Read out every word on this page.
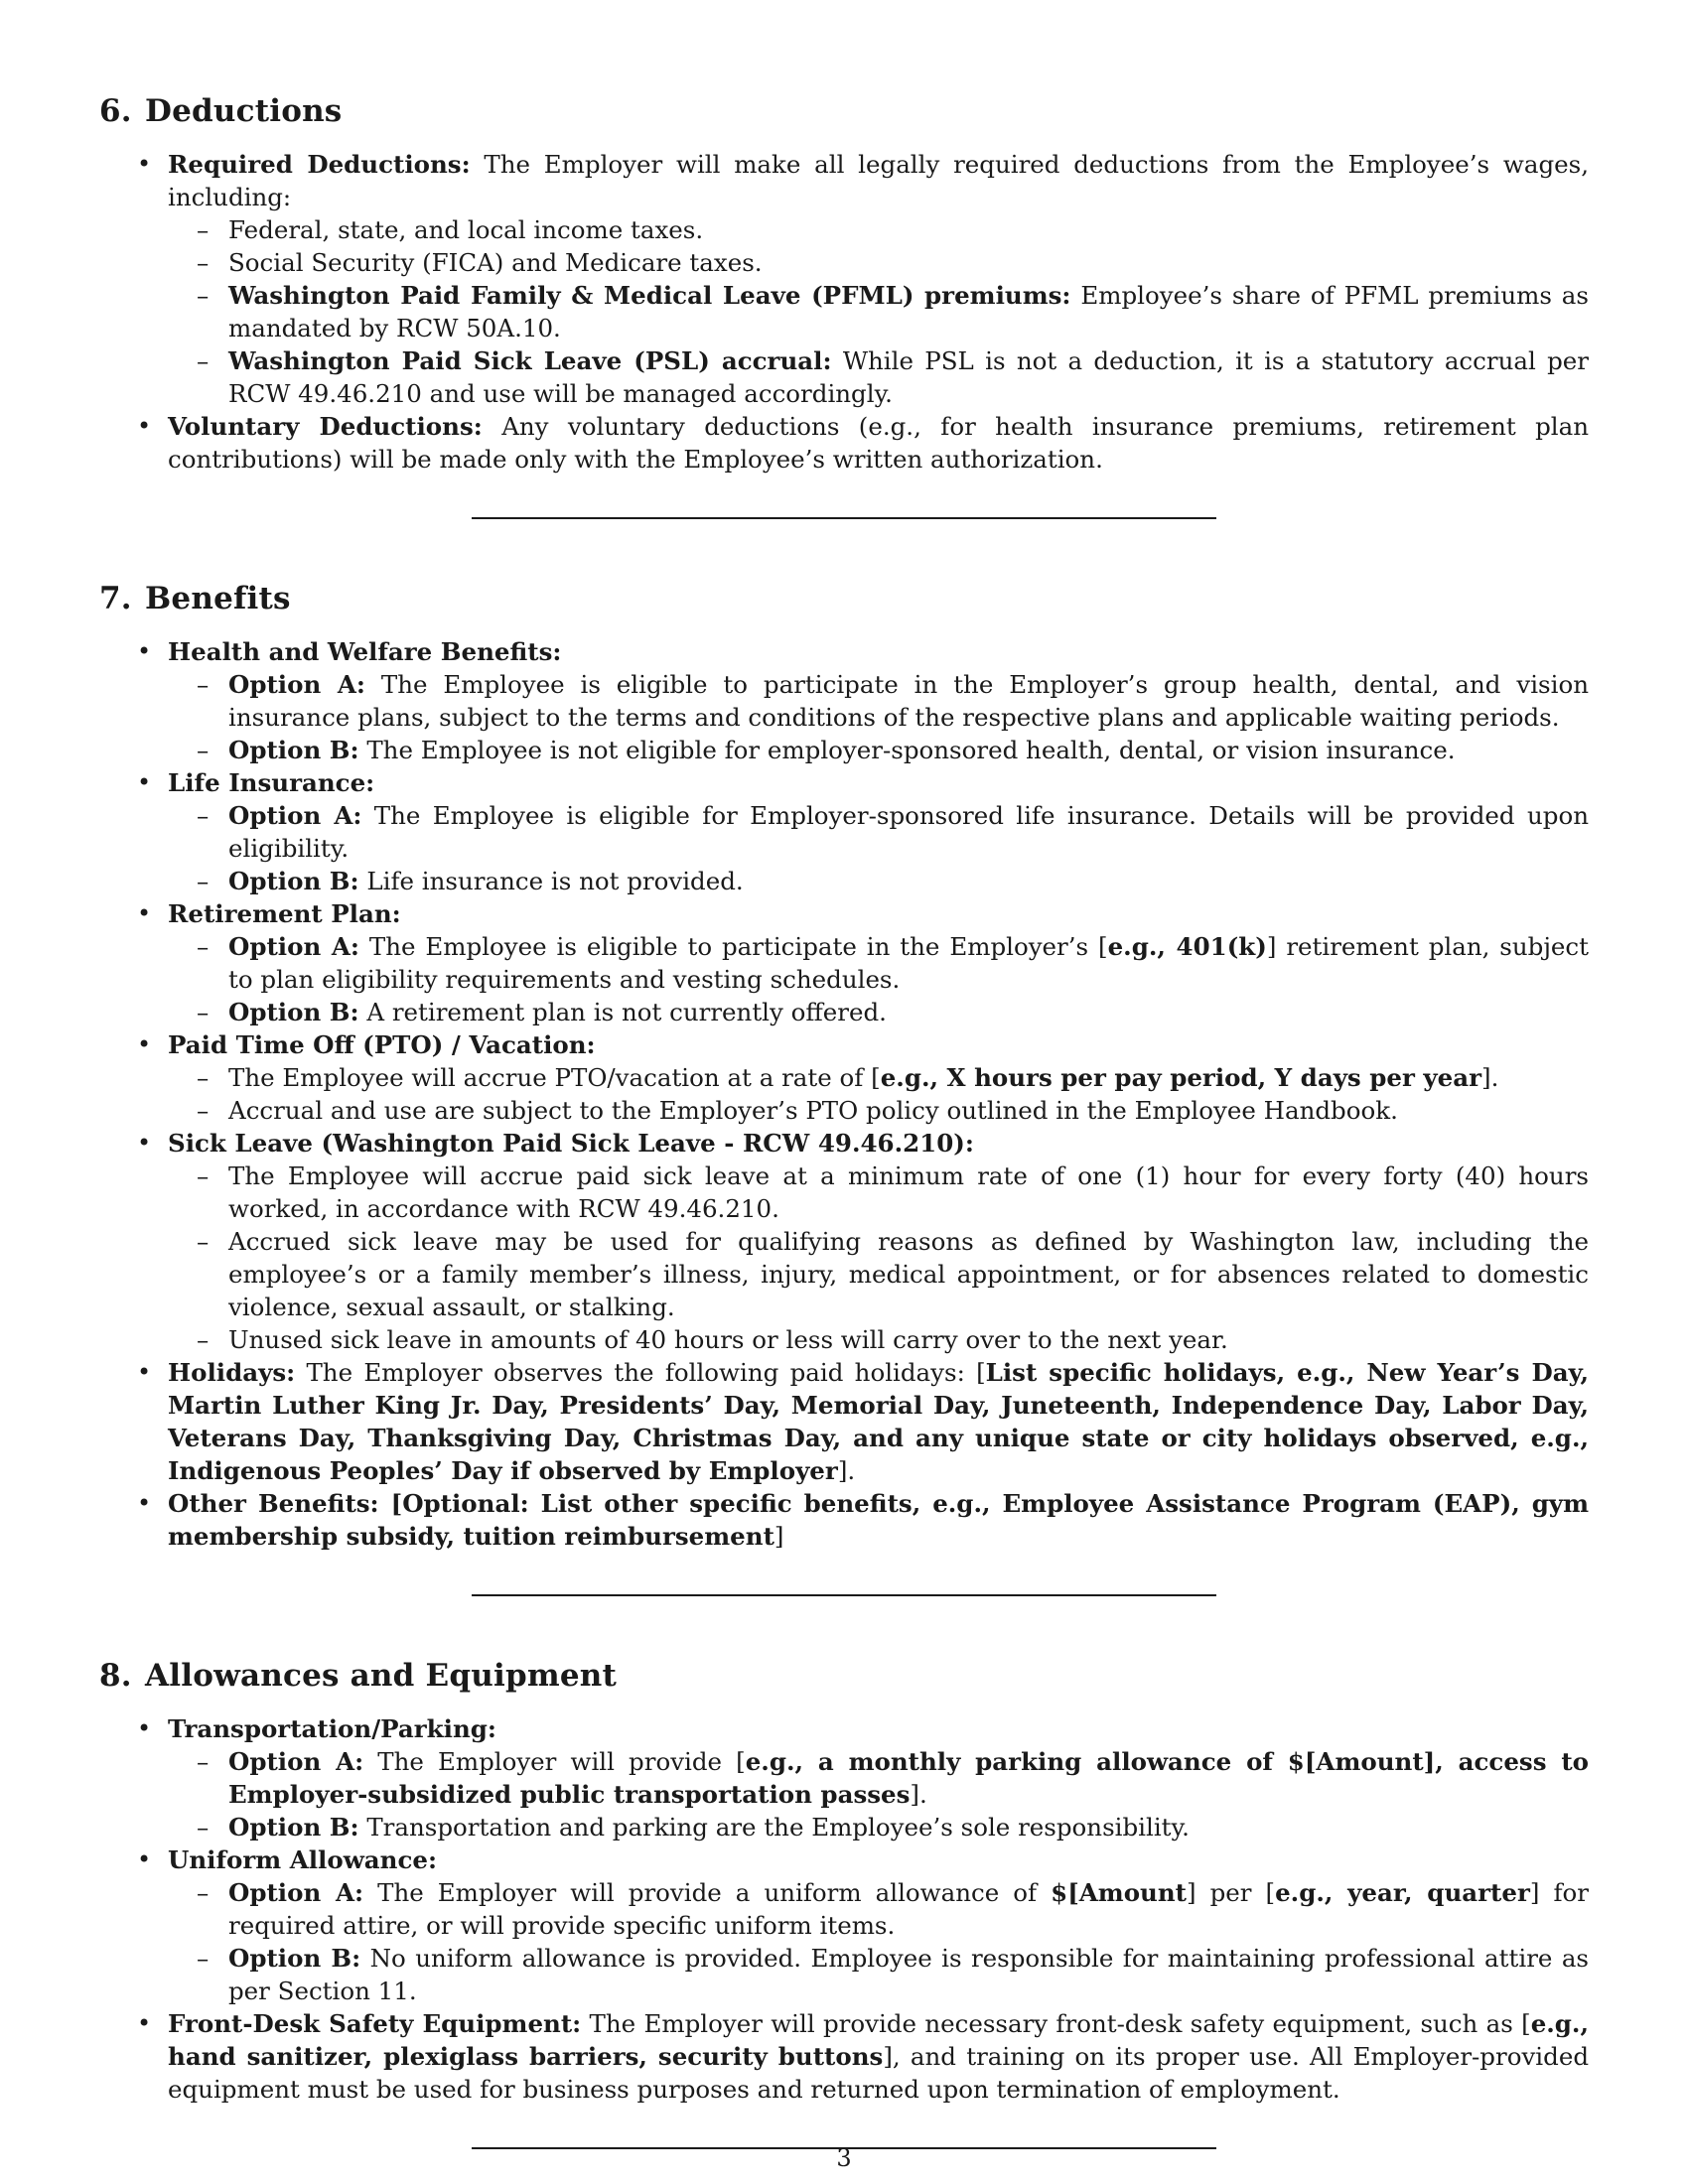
6. Deductions
• Required Deductions: The Employer will make all legally required deductions from the Employee’s wages, including:
– Federal, state, and local income taxes.
– Social Security (FICA) and Medicare taxes.
– Washington Paid Family & Medical Leave (PFML) premiums: Employee’s share of PFML premiums as mandated by RCW 50A.10.
– Washington Paid Sick Leave (PSL) accrual: While PSL is not a deduction, it is a statutory accrual per RCW 49.46.210 and use will be managed accordingly.
• Voluntary Deductions: Any voluntary deductions (e.g., for health insurance premiums, retirement plan contributions) will be made only with the Employee’s written authorization.
7. Benefits
• Health and Welfare Benefits:
– Option A: The Employee is eligible to participate in the Employer’s group health, dental, and vision insurance plans, subject to the terms and conditions of the respective plans and applicable waiting periods.
– Option B: The Employee is not eligible for employer-sponsored health, dental, or vision insurance.
• Life Insurance:
– Option A: The Employee is eligible for Employer-sponsored life insurance. Details will be provided upon eligibility.
– Option B: Life insurance is not provided.
• Retirement Plan:
– Option A: The Employee is eligible to participate in the Employer’s [e.g., 401(k)] retirement plan, subject to plan eligibility requirements and vesting schedules.
– Option B: A retirement plan is not currently offered.
• Paid Time Off (PTO) / Vacation:
– The Employee will accrue PTO/vacation at a rate of [e.g., X hours per pay period, Y days per year].
– Accrual and use are subject to the Employer’s PTO policy outlined in the Employee Handbook.
• Sick Leave (Washington Paid Sick Leave - RCW 49.46.210):
– The Employee will accrue paid sick leave at a minimum rate of one (1) hour for every forty (40) hours worked, in accordance with RCW 49.46.210.
– Accrued sick leave may be used for qualifying reasons as defined by Washington law, including the employee’s or a family member’s illness, injury, medical appointment, or for absences related to domestic violence, sexual assault, or stalking.
– Unused sick leave in amounts of 40 hours or less will carry over to the next year.
• Holidays: The Employer observes the following paid holidays: [List specific holidays, e.g., New Year’s Day, Martin Luther King Jr. Day, Presidents’ Day, Memorial Day, Juneteenth, Independence Day, Labor Day, Veterans Day, Thanksgiving Day, Christmas Day, and any unique state or city holidays observed, e.g., Indigenous Peoples’ Day if observed by Employer].
• Other Benefits: [Optional: List other specific benefits, e.g., Employee Assistance Program (EAP), gym membership subsidy, tuition reimbursement]
8. Allowances and Equipment
• Transportation/Parking:
– Option A: The Employer will provide [e.g., a monthly parking allowance of $[Amount], access to Employer-subsidized public transportation passes].
– Option B: Transportation and parking are the Employee’s sole responsibility.
• Uniform Allowance:
– Option A: The Employer will provide a uniform allowance of $[Amount] per [e.g., year, quarter] for required attire, or will provide specific uniform items.
– Option B: No uniform allowance is provided. Employee is responsible for maintaining professional attire as per Section 11.
• Front-Desk Safety Equipment: The Employer will provide necessary front-desk safety equipment, such as [e.g., hand sanitizer, plexiglass barriers, security buttons], and training on its proper use. All Employer-provided equipment must be used for business purposes and returned upon termination of employment.
3
